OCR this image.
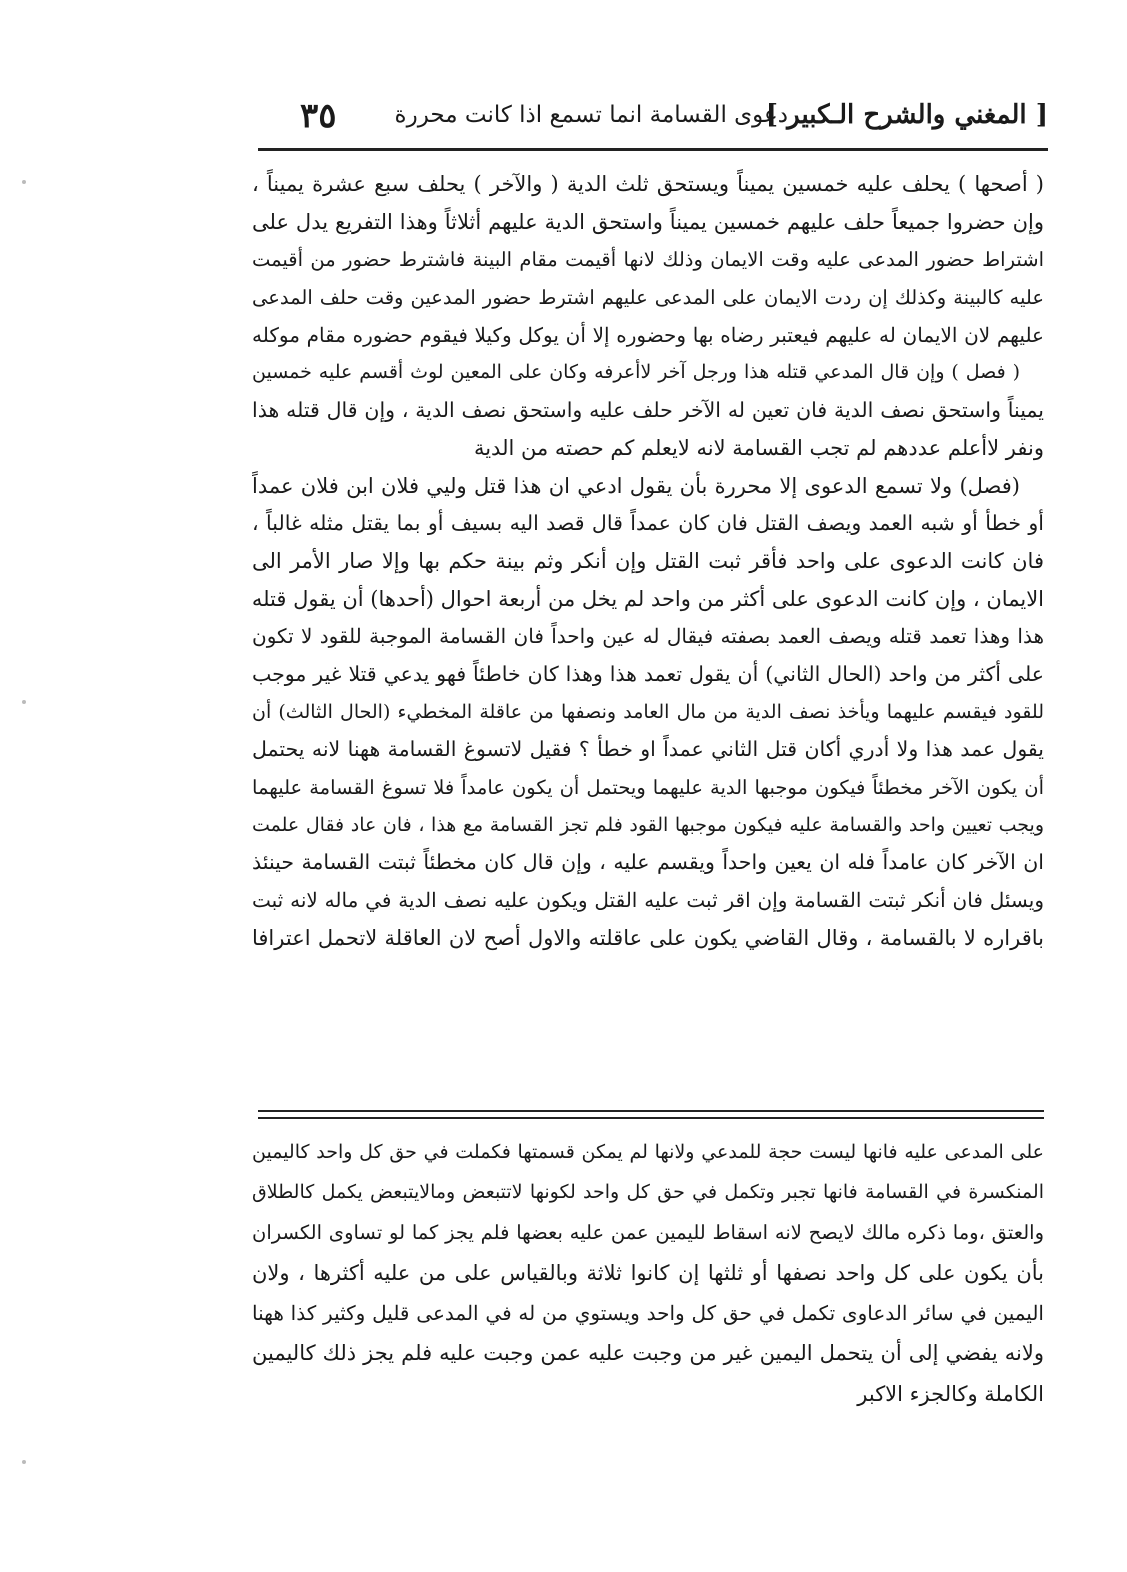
[ المغني والشرح الـكبير ]
دعوى القسامة انما تسمع اذا كانت محررة
٣٥
( أصحها ) يحلف عليه خمسين يميناً ويستحق ثلث الدية ( والآخر ) يحلف سبع عشرة يميناً ،
وإن حضروا جميعاً حلف عليهم خمسين يميناً واستحق الدية عليهم أثلاثاً وهذا التفريع يدل على
اشتراط حضور المدعى عليه وقت الايمان وذلك لانها أقيمت مقام البينة فاشترط حضور من أقيمت
عليه كالبينة وكذلك إن ردت الايمان على المدعى عليهم اشترط حضور المدعين وقت حلف المدعى
عليهم لان الايمان له عليهم فيعتبر رضاه بها وحضوره إلا أن يوكل وكيلا فيقوم حضوره مقام موكله
( فصل ) وإن قال المدعي قتله هذا ورجل آخر لاأعرفه وكان على المعين لوث أقسم عليه خمسين
يميناً واستحق نصف الدية فان تعين له الآخر حلف عليه واستحق نصف الدية ، وإن قال قتله هذا
ونفر لاأعلم عددهم لم تجب القسامة لانه لايعلم كم حصته من الدية
(فصل) ولا تسمع الدعوى إلا محررة بأن يقول ادعي ان هذا قتل وليي فلان ابن فلان عمداً
أو خطأ أو شبه العمد ويصف القتل فان كان عمداً قال قصد اليه بسيف أو بما يقتل مثله غالباً ،
فان كانت الدعوى على واحد فأقر ثبت القتل وإن أنكر وثم بينة حكم بها وإلا صار الأمر الى
الايمان ، وإن كانت الدعوى على أكثر من واحد لم يخل من أربعة احوال (أحدها) أن يقول قتله
هذا وهذا تعمد قتله ويصف العمد بصفته فيقال له عين واحداً فان القسامة الموجبة للقود لا تكون
على أكثر من واحد (الحال الثاني) أن يقول تعمد هذا وهذا كان خاطئاً فهو يدعي قتلا غير موجب
للقود فيقسم عليهما ويأخذ نصف الدية من مال العامد ونصفها من عاقلة المخطيء (الحال الثالث) أن
يقول عمد هذا ولا أدري أكان قتل الثاني عمداً او خطأ ؟ فقيل لاتسوغ القسامة ههنا لانه يحتمل
أن يكون الآخر مخطئاً فيكون موجبها الدية عليهما ويحتمل أن يكون عامداً فلا تسوغ القسامة عليهما
ويجب تعيين واحد والقسامة عليه فيكون موجبها القود فلم تجز القسامة مع هذا ، فان عاد فقال علمت
ان الآخر كان عامداً فله ان يعين واحداً ويقسم عليه ، وإن قال كان مخطئاً ثبتت القسامة حينئذ
ويسئل فان أنكر ثبتت القسامة وإن اقر ثبت عليه القتل ويكون عليه نصف الدية في ماله لانه ثبت
باقراره لا بالقسامة ، وقال القاضي يكون على عاقلته والاول أصح لان العاقلة لاتحمل اعترافا
على المدعى عليه فانها ليست حجة للمدعي ولانها لم يمكن قسمتها فكملت في حق كل واحد كاليمين
المنكسرة في القسامة فانها تجبر وتكمل في حق كل واحد لكونها لاتتبعض ومالايتبعض يكمل كالطلاق
والعتق ،وما ذكره مالك لايصح لانه اسقاط لليمين عمن عليه بعضها فلم يجز كما لو تساوى الكسران
بأن يكون على كل واحد نصفها أو ثلثها إن كانوا ثلاثة وبالقياس على من عليه أكثرها ، ولان
اليمين في سائر الدعاوى تكمل في حق كل واحد ويستوي من له في المدعى قليل وكثير كذا ههنا
ولانه يفضي إلى أن يتحمل اليمين غير من وجبت عليه عمن وجبت عليه فلم يجز ذلك كاليمين
الكاملة وكالجزء الاكبر
